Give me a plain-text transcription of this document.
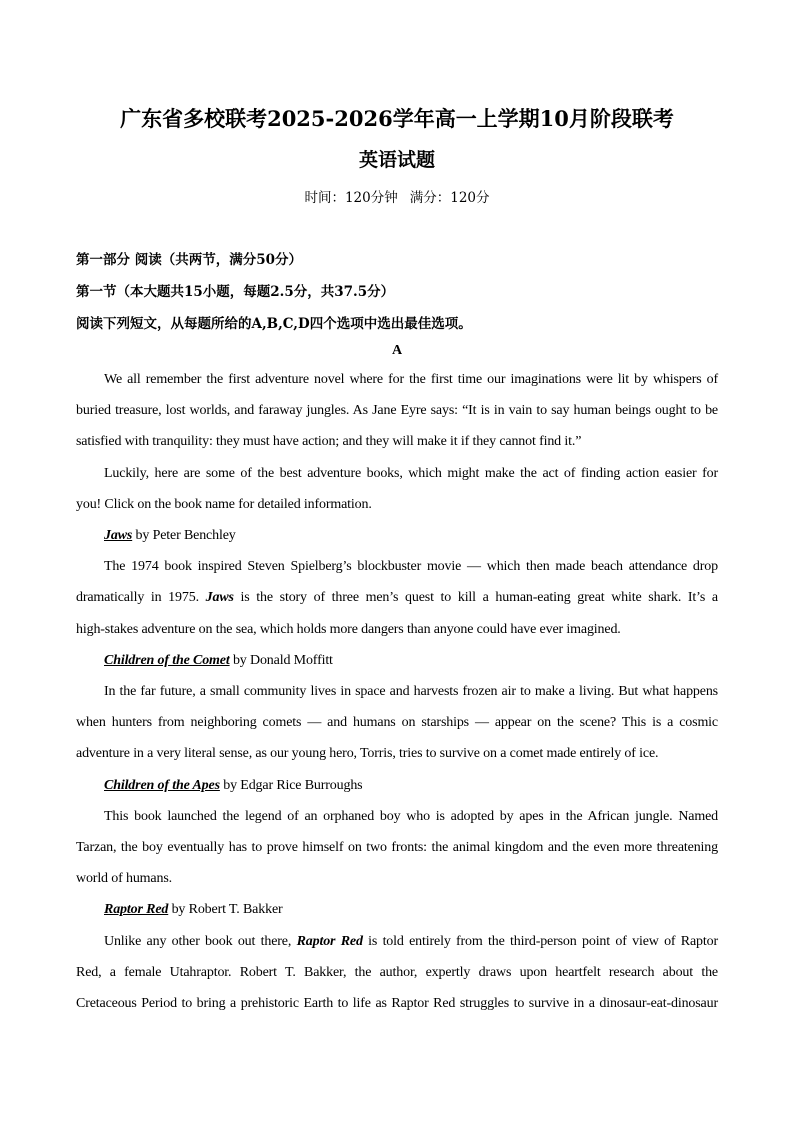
广东省多校联考2025-2026学年高一上学期10月阶段联考
英语试题
时间：120分钟 满分：120分
第一部分 阅读（共两节，满分50分）
第一节（本大题共15小题，每题2.5分，共37.5分）
阅读下列短文，从每题所给的A,B,C,D四个选项中选出最佳选项。
A
We all remember the first adventure novel where for the first time our imaginations were lit by whispers of
buried treasure, lost worlds, and faraway jungles. As Jane Eyre says: “It is in vain to say human beings ought to be
satisfied with tranquility: they must have action; and they will make it if they cannot find it.”
Luckily, here are some of the best adventure books, which might make the act of finding action easier for
you! Click on the book name for detailed information.
Jaws by Peter Benchley
The 1974 book inspired Steven Spielberg’s blockbuster movie — which then made beach attendance drop
dramatically in 1975. Jaws is the story of three men’s quest to kill a human-eating great white shark. It’s a
high-stakes adventure on the sea, which holds more dangers than anyone could have ever imagined.
Children of the Comet by Donald Moffitt
In the far future, a small community lives in space and harvests frozen air to make a living. But what happens
when hunters from neighboring comets — and humans on starships — appear on the scene? This is a cosmic
adventure in a very literal sense, as our young hero, Torris, tries to survive on a comet made entirely of ice.
Children of the Apes by Edgar Rice Burroughs
This book launched the legend of an orphaned boy who is adopted by apes in the African jungle. Named
Tarzan, the boy eventually has to prove himself on two fronts: the animal kingdom and the even more threatening
world of humans.
Raptor Red by Robert T. Bakker
Unlike any other book out there, Raptor Red is told entirely from the third-person point of view of Raptor
Red, a female Utahraptor. Robert T. Bakker, the author, expertly draws upon heartfelt research about the
Cretaceous Period to bring a prehistoric Earth to life as Raptor Red struggles to survive in a dinosaur-eat-dinosaur
